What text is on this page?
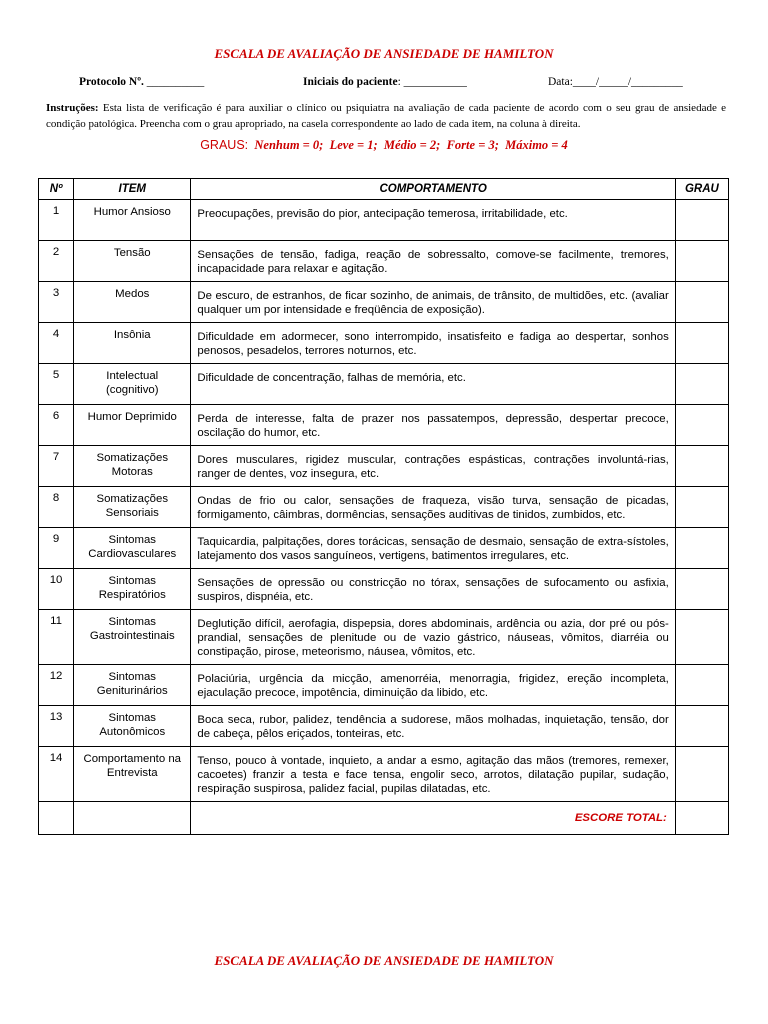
ESCALA DE AVALIAÇÃO DE ANSIEDADE DE HAMILTON
Protocolo Nº. __________	Iniciais do paciente: ___________	Data:____/_____/_________
Instruções: Esta lista de verificação é para auxiliar o clínico ou psiquiatra na avaliação de cada paciente de acordo com o seu grau de ansiedade e condição patológica. Preencha com o grau apropriado, na casela correspondente ao lado de cada item, na coluna à direita.
GRAUS: Nenhum = 0; Leve = 1; Médio = 2; Forte = 3; Máximo = 4
Nº	ITEM	COMPORTAMENTO	GRAU
1	Humor Ansioso	Preocupações, previsão do pior, antecipação temerosa, irritabilidade, etc.	
2	Tensão	Sensações de tensão, fadiga, reação de sobressalto, comove-se facilmente, tremores, incapacidade para relaxar e agitação.	
3	Medos	De escuro, de estranhos, de ficar sozinho, de animais, de trânsito, de multidões, etc. (avaliar qualquer um por intensidade e freqüência de exposição).	
4	Insônia	Dificuldade em adormecer, sono interrompido, insatisfeito e fadiga ao despertar, sonhos penosos, pesadelos, terrores noturnos, etc.	
5	Intelectual (cognitivo)	Dificuldade de concentração, falhas de memória, etc.	
6	Humor Deprimido	Perda de interesse, falta de prazer nos passatempos, depressão, despertar precoce, oscilação do humor, etc.	
7	Somatizações Motoras	Dores musculares, rigidez muscular, contrações espásticas, contrações involuntá-rias, ranger de dentes, voz insegura, etc.	
8	Somatizações Sensoriais	Ondas de frio ou calor, sensações de fraqueza, visão turva, sensação de picadas, formigamento, câimbras, dormências, sensações auditivas de tinidos, zumbidos, etc.	
9	Sintomas Cardiovasculares	Taquicardia, palpitações, dores torácicas, sensação de desmaio, sensação de extra-sístoles, latejamento dos vasos sanguíneos, vertigens, batimentos irregulares, etc.	
10	Sintomas Respiratórios	Sensações de opressão ou constricção no tórax, sensações de sufocamento ou asfixia, suspiros, dispnéia, etc.	
11	Sintomas Gastrointestinais	Deglutição difícil, aerofagia, dispepsia, dores abdominais, ardência ou azia, dor pré ou pós-prandial, sensações de plenitude ou de vazio gástrico, náuseas, vômitos, diarréia ou constipação, pirose, meteorismo, náusea, vômitos, etc.	
12	Sintomas Geniturinários	Polaciúria, urgência da micção, amenorréia, menorragia, frigidez, ereção incompleta, ejaculação precoce, impotência, diminuição da libido, etc.	
13	Sintomas Autonômicos	Boca seca, rubor, palidez, tendência a sudorese, mãos molhadas, inquietação, tensão, dor de cabeça, pêlos eriçados, tonteiras, etc.	
14	Comportamento na Entrevista	Tenso, pouco à vontade, inquieto, a andar a esmo, agitação das mãos (tremores, remexer, cacoetes) franzir a testa e face tensa, engolir seco, arrotos, dilatação pupilar, sudação, respiração suspirosa, palidez facial, pupilas dilatadas, etc.	
		ESCORE TOTAL:	
ESCALA DE AVALIAÇÃO DE ANSIEDADE DE HAMILTON
